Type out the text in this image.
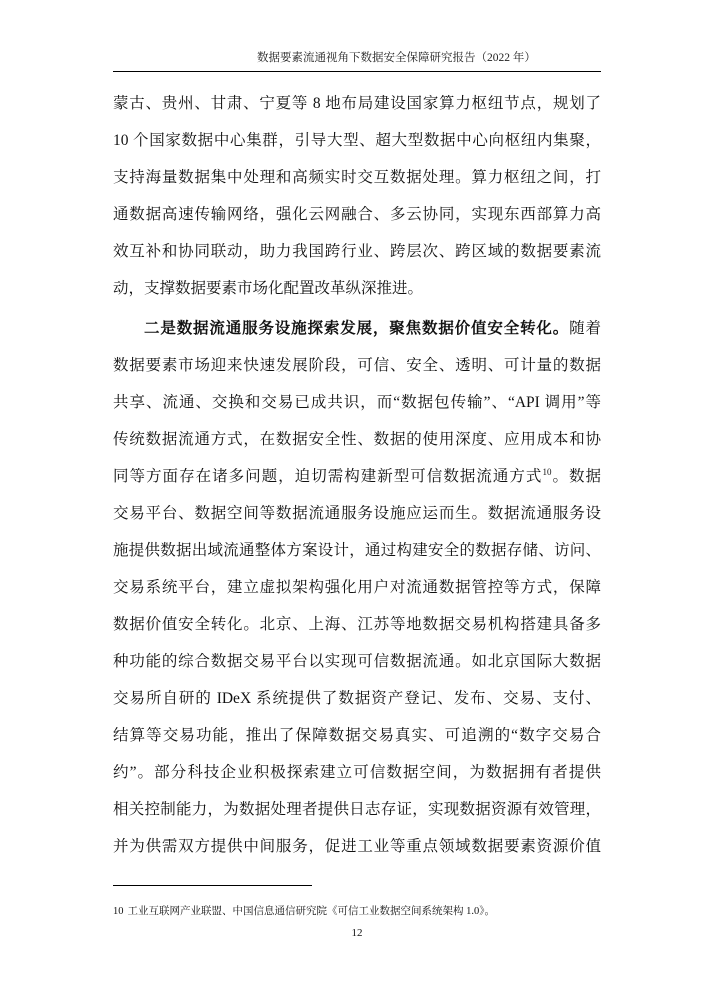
数据要素流通视角下数据安全保障研究报告（2022 年）
蒙古、贵州、甘肃、宁夏等 8 地布局建设国家算力枢纽节点，规划了
10 个国家数据中心集群，引导大型、超大型数据中心向枢纽内集聚，
支持海量数据集中处理和高频实时交互数据处理。算力枢纽之间，打
通数据高速传输网络，强化云网融合、多云协同，实现东西部算力高
效互补和协同联动，助力我国跨行业、跨层次、跨区域的数据要素流
动，支撑数据要素市场化配置改革纵深推进。
二是数据流通服务设施探索发展，聚焦数据价值安全转化。随着
数据要素市场迎来快速发展阶段，可信、安全、透明、可计量的数据
共享、流通、交换和交易已成共识，而“数据包传输”、“API 调用”等
传统数据流通方式，在数据安全性、数据的使用深度、应用成本和协
同等方面存在诸多问题，迫切需构建新型可信数据流通方式$^{10}$。数据
交易平台、数据空间等数据流通服务设施应运而生。数据流通服务设
施提供数据出域流通整体方案设计，通过构建安全的数据存储、访问、
交易系统平台，建立虚拟架构强化用户对流通数据管控等方式，保障
数据价值安全转化。北京、上海、江苏等地数据交易机构搭建具备多
种功能的综合数据交易平台以实现可信数据流通。如北京国际大数据
交易所自研的 IDeX 系统提供了数据资产登记、发布、交易、支付、
结算等交易功能，推出了保障数据交易真实、可追溯的“数字交易合
约”。部分科技企业积极探索建立可信数据空间，为数据拥有者提供
相关控制能力，为数据处理者提供日志存证，实现数据资源有效管理，
并为供需双方提供中间服务，促进工业等重点领域数据要素资源价值
10 工业互联网产业联盟、中国信息通信研究院《可信工业数据空间系统架构 1.0》。
12
